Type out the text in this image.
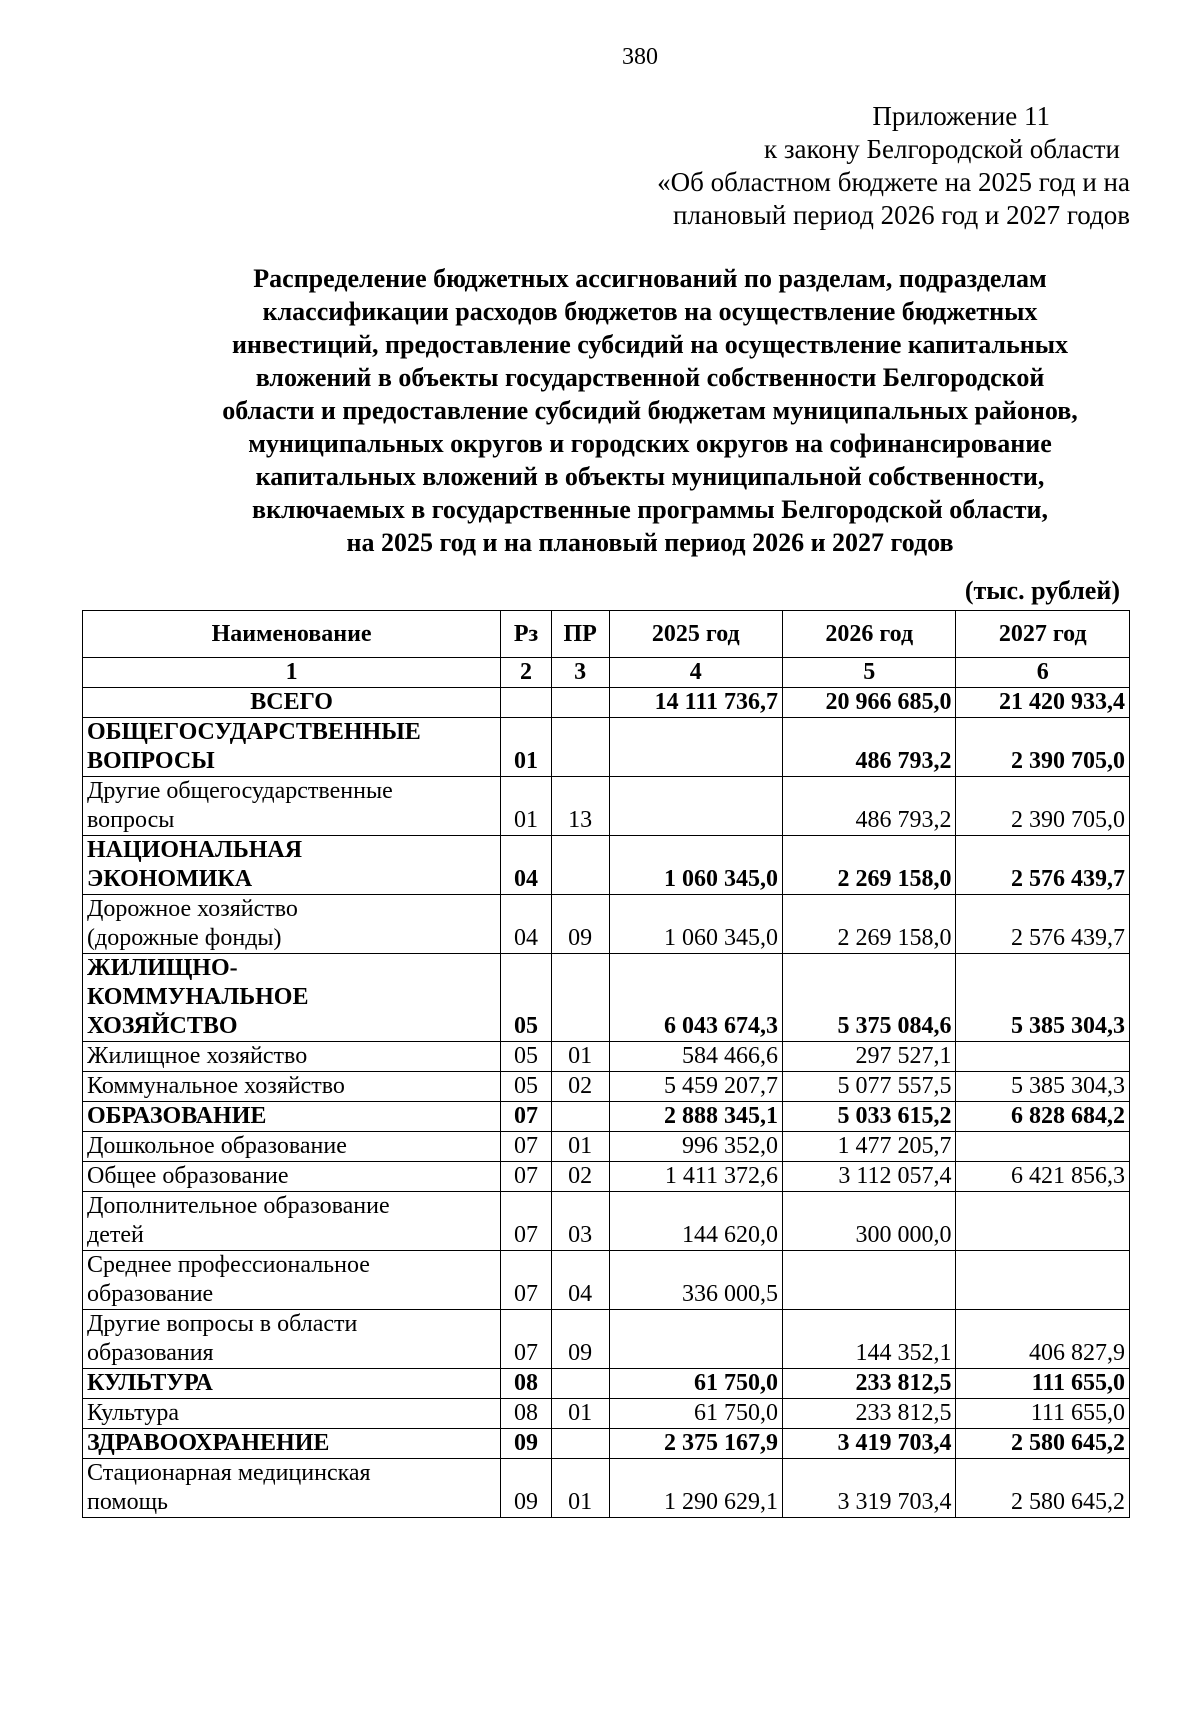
380
Приложение 11
к закону Белгородской области
«Об областном бюджете на 2025 год и на
плановый период 2026 год и 2027 годов
Распределение бюджетных ассигнований по разделам, подразделам
классификации расходов бюджетов на осуществление бюджетных
инвестиций, предоставление субсидий на осуществление капитальных
вложений в объекты государственной собственности Белгородской
области и предоставление субсидий бюджетам муниципальных районов,
муниципальных округов и городских округов на софинансирование
капитальных вложений в объекты муниципальной собственности,
включаемых в государственные программы Белгородской области,
на 2025 год и на плановый период 2026 и 2027 годов
(тыс. рублей)
Наименование	Рз	ПР	2025 год	2026 год	2027 год
1	2	3	4	5	6

ВСЕГО			14 111 736,7	20 966 685,0	21 420 933,4

ОБЩЕГОСУДАРСТВЕННЫЕ
ВОПРОСЫ	01			486 793,2	2 390 705,0

Другие общегосударственные
вопросы	01	13		486 793,2	2 390 705,0

НАЦИОНАЛЬНАЯ
ЭКОНОМИКА	04		1 060 345,0	2 269 158,0	2 576 439,7

Дорожное хозяйство
(дорожные фонды)	04	09	1 060 345,0	2 269 158,0	2 576 439,7

ЖИЛИЩНО-
КОММУНАЛЬНОЕ
ХОЗЯЙСТВО	05		6 043 674,3	5 375 084,6	5 385 304,3

Жилищное хозяйство	05	01	584 466,6	297 527,1	

Коммунальное хозяйство	05	02	5 459 207,7	5 077 557,5	5 385 304,3

ОБРАЗОВАНИЕ	07		2 888 345,1	5 033 615,2	6 828 684,2

Дошкольное образование	07	01	996 352,0	1 477 205,7	

Общее образование	07	02	1 411 372,6	3 112 057,4	6 421 856,3

Дополнительное образование
детей	07	03	144 620,0	300 000,0	

Среднее профессиональное
образование	07	04	336 000,5		

Другие вопросы в области
образования	07	09		144 352,1	406 827,9

КУЛЬТУРА	08		61 750,0	233 812,5	111 655,0

Культура	08	01	61 750,0	233 812,5	111 655,0

ЗДРАВООХРАНЕНИЕ	09		2 375 167,9	3 419 703,4	2 580 645,2

Стационарная медицинская
помощь	09	01	1 290 629,1	3 319 703,4	2 580 645,2
